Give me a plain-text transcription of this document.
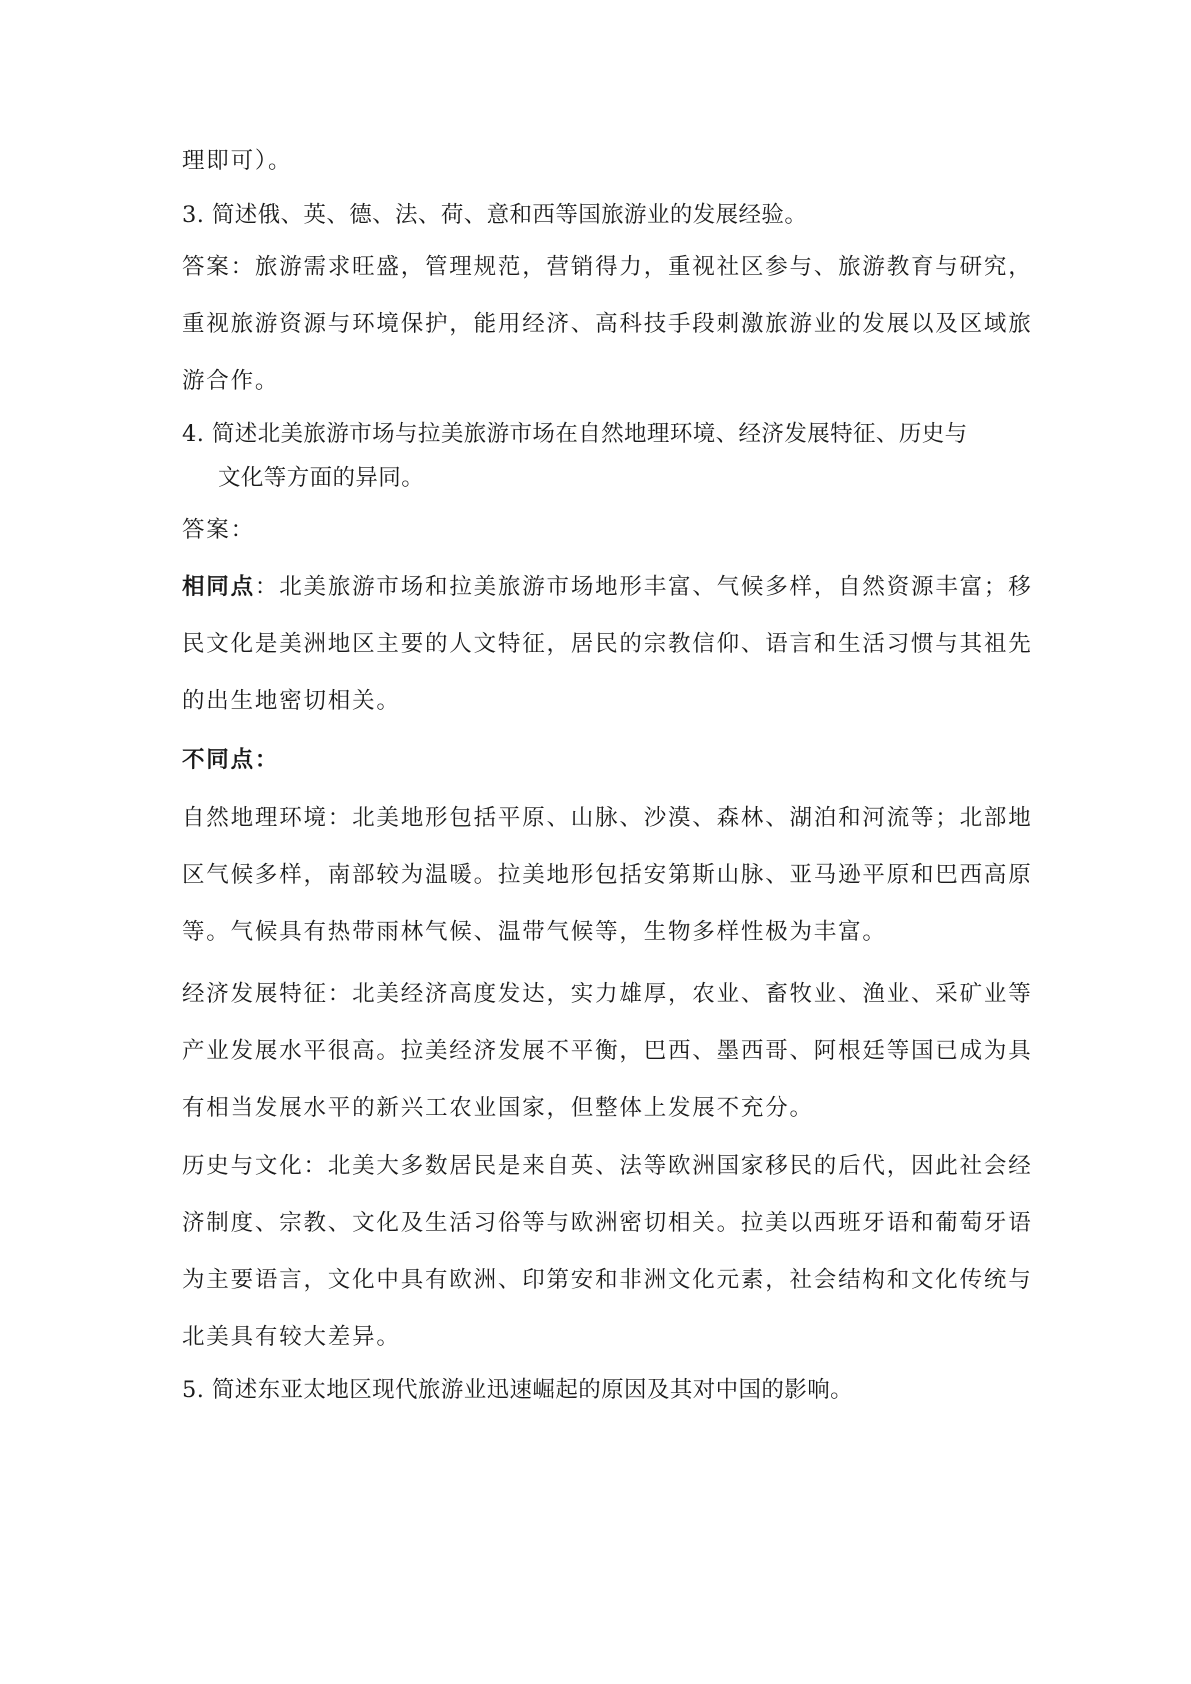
理即可）。
3. 简述俄、英、德、法、荷、意和西等国旅游业的发展经验。
答案：旅游需求旺盛，管理规范，营销得力，重视社区参与、旅游教育与研究，
重视旅游资源与环境保护，能用经济、高科技手段刺激旅游业的发展以及区域旅
游合作。
4. 简述北美旅游市场与拉美旅游市场在自然地理环境、经济发展特征、历史与
文化等方面的异同。
答案：
相同点：北美旅游市场和拉美旅游市场地形丰富、气候多样，自然资源丰富；移
民文化是美洲地区主要的人文特征，居民的宗教信仰、语言和生活习惯与其祖先
的出生地密切相关。
不同点：
自然地理环境：北美地形包括平原、山脉、沙漠、森林、湖泊和河流等；北部地
区气候多样，南部较为温暖。拉美地形包括安第斯山脉、亚马逊平原和巴西高原
等。气候具有热带雨林气候、温带气候等，生物多样性极为丰富。
经济发展特征：北美经济高度发达，实力雄厚，农业、畜牧业、渔业、采矿业等
产业发展水平很高。拉美经济发展不平衡，巴西、墨西哥、阿根廷等国已成为具
有相当发展水平的新兴工农业国家，但整体上发展不充分。
历史与文化：北美大多数居民是来自英、法等欧洲国家移民的后代，因此社会经
济制度、宗教、文化及生活习俗等与欧洲密切相关。拉美以西班牙语和葡萄牙语
为主要语言，文化中具有欧洲、印第安和非洲文化元素，社会结构和文化传统与
北美具有较大差异。
5. 简述东亚太地区现代旅游业迅速崛起的原因及其对中国的影响。
